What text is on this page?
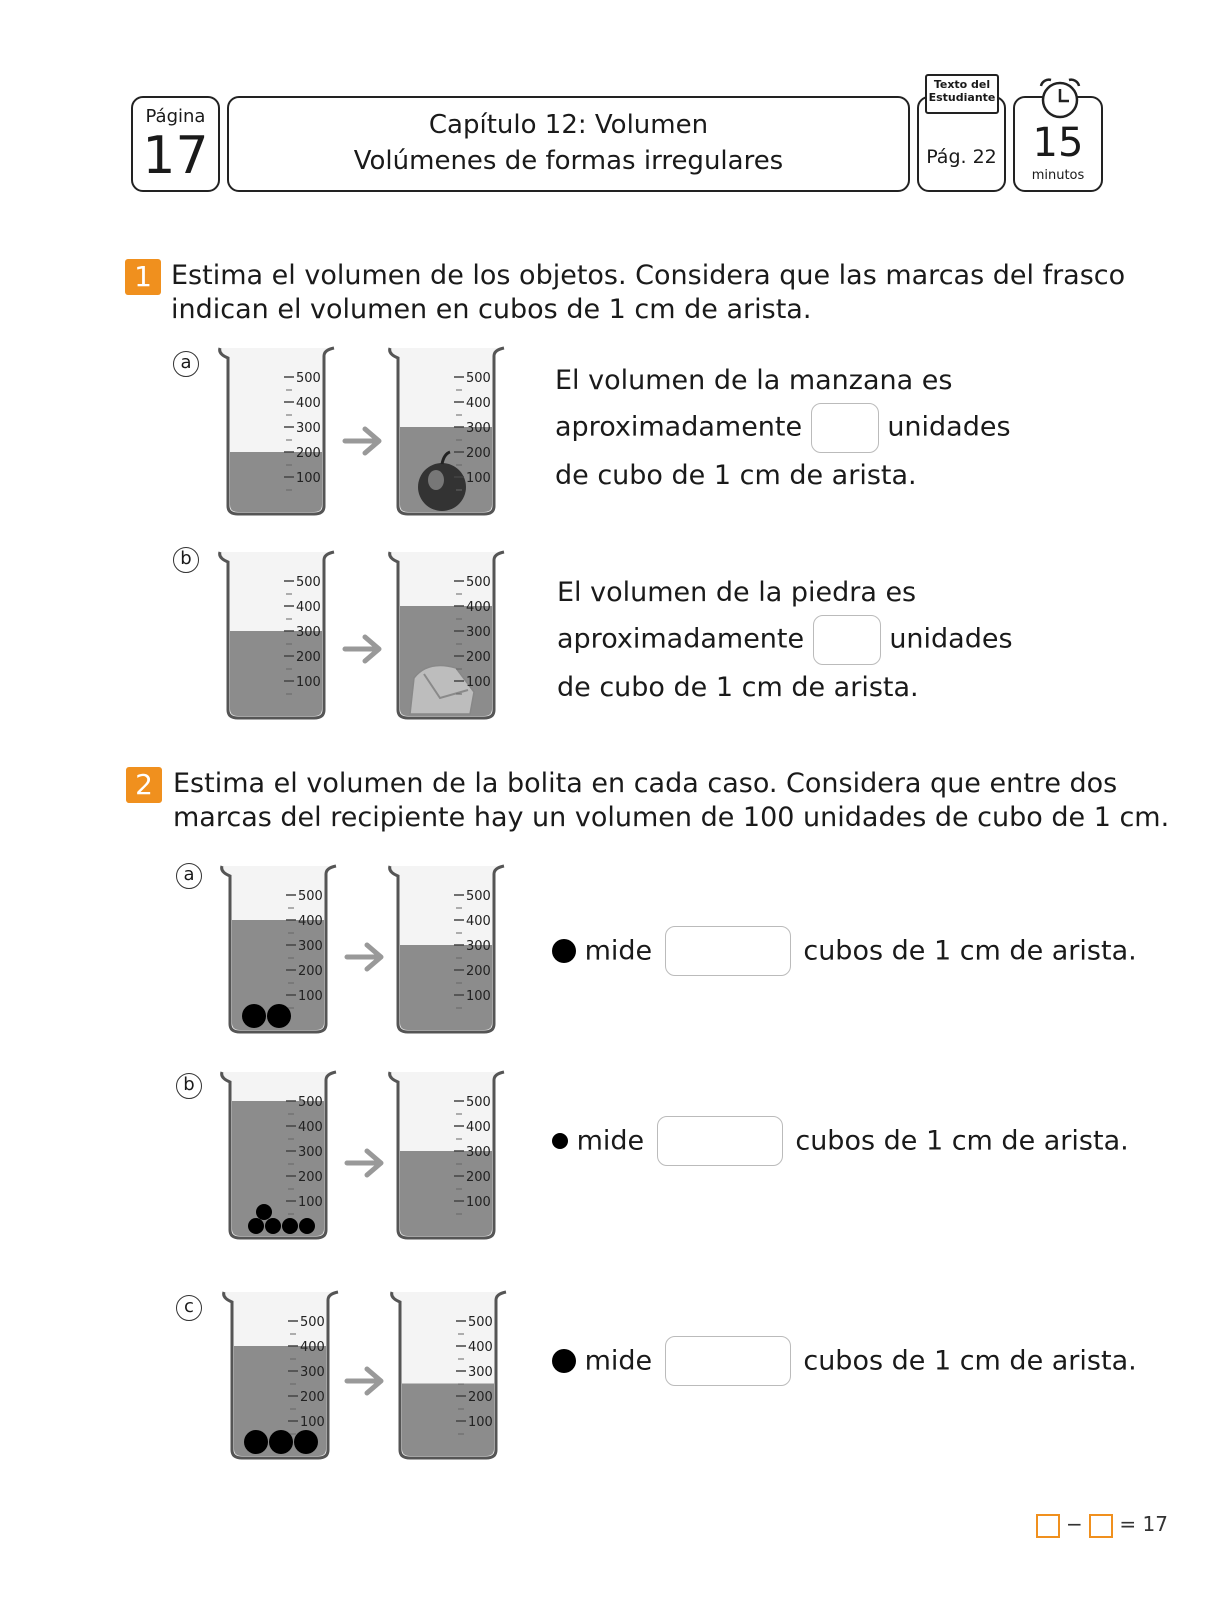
Página
17
Capítulo 12: Volumen
Volúmenes de formas irregulares
Texto del
Estudiante
Pág. 22 15
minutos
1 Estima el volumen de los objetos. Considera que las marcas del frasco
indican el volumen en cubos de 1 cm de arista.
a
500
400
300
200
100
500
400
300
200
100
El volumen de la manzana es
aproximadamente	unidades
de cubo de 1 cm de arista.
b
500
400
300
200
100
500
400
300
200
100
El volumen de la piedra es
aproximadamente	unidades
de cubo de 1 cm de arista.
2 Estima el volumen de la bolita en cada caso. Considera que entre dos
marcas del recipiente hay un volumen de 100 unidades de cubo de 1 cm.
a
500
400
300
200
100
500
400
300
200
100
mide	cubos de 1 cm de arista.
b
500
400
300
200
100
500
400
300
200
100
mide	cubos de 1 cm de arista.
c
500
400
300
200
100
500
400
300
200
100
mide	cubos de 1 cm de arista.
− = 17
